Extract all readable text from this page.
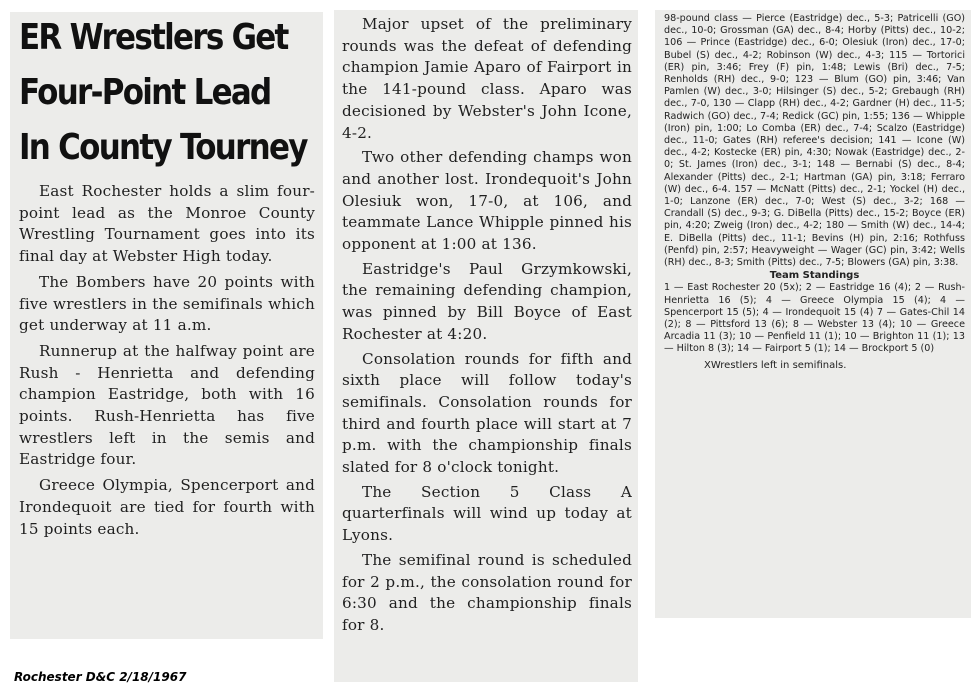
ER Wrestlers Get
Four-Point Lead
In County Tourney

East Rochester holds a slim four-point lead as the Monroe County Wrestling Tournament goes into its final day at Webster High today.

The Bombers have 20 points with five wrestlers in the semifinals which get underway at 11 a.m.

Runnerup at the halfway point are Rush - Henrietta and defending champion Eastridge, both with 16 points. Rush-Henrietta has five wrestlers left in the semis and Eastridge four.

Greece Olympia, Spencerport and Irondequoit are tied for fourth with 15 points each.

Major upset of the preliminary rounds was the defeat of defending champion Jamie Aparo of Fairport in the 141-pound class. Aparo was decisioned by Webster's John Icone, 4-2.

Two other defending champs won and another lost. Irondequoit's John Olesiuk won, 17-0, at 106, and teammate Lance Whipple pinned his opponent at 1:00 at 136.

Eastridge's Paul Grzymkowski, the remaining defending champion, was pinned by Bill Boyce of East Rochester at 4:20.

Consolation rounds for fifth and sixth place will follow today's semifinals. Consolation rounds for third and fourth place will start at 7 p.m. with the championship finals slated for 8 o'clock tonight.

The Section 5 Class A quarterfinals will wind up today at Lyons.

The semifinal round is scheduled for 2 p.m., the consolation round for 6:30 and the championship finals for 8.

98-pound class — Pierce (Eastridge) dec., 5-3; Patricelli (GO) dec., 10-0; Grossman (GA) dec., 8-4; Horby (Pitts) dec., 10-2; 106 — Prince (Eastridge) dec., 6-0; Olesiuk (Iron) dec., 17-0; Bubel (S) dec., 4-2; Robinson (W) dec., 4-3; 115 — Tortorici (ER) pin, 3:46; Frey (F) pin, 1:48; Lewis (Bri) dec., 7-5; Renholds (RH) dec., 9-0; 123 — Blum (GO) pin, 3:46; Van Pamlen (W) dec., 3-0; Hilsinger (S) dec., 5-2; Grebaugh (RH) dec., 7-0, 130 — Clapp (RH) dec., 4-2; Gardner (H) dec., 11-5; Radwich (GO) dec., 7-4; Redick (GC) pin, 1:55; 136 — Whipple (Iron) pin, 1:00; Lo Comba (ER) dec., 7-4; Scalzo (Eastridge) dec., 11-0; Gates (RH) referee's decision; 141 — Icone (W) dec., 4-2; Kostecke (ER) pin, 4:30; Nowak (Eastridge) dec., 2-0; St. James (Iron) dec., 3-1; 148 — Bernabi (S) dec., 8-4; Alexander (Pitts) dec., 2-1; Hartman (GA) pin, 3:18; Ferraro (W) dec., 6-4. 157 — McNatt (Pitts) dec., 2-1; Yockel (H) dec., 1-0; Lanzone (ER) dec., 7-0; West (S) dec., 3-2; 168 — Crandall (S) dec., 9-3; G. DiBella (Pitts) dec., 15-2; Boyce (ER) pin, 4:20; Zweig (Iron) dec., 4-2; 180 — Smith (W) dec., 14-4; E. DiBella (Pitts) dec., 11-1; Bevins (H) pin, 2:16; Rothfuss (Penfd) pin, 2:57; Heavyweight — Wager (GC) pin, 3:42; Wells (RH) dec., 8-3; Smith (Pitts) dec., 7-5; Blowers (GA) pin, 3:38.

Team Standings

1 — East Rochester 20 (5x); 2 — Eastridge 16 (4); 2 — Rush-Henrietta 16 (5); 4 — Greece Olympia 15 (4); 4 — Spencerport 15 (5); 4 — Irondequoit 15 (4) 7 — Gates-Chil 14 (2); 8 — Pittsford 13 (6); 8 — Webster 13 (4); 10 — Greece Arcadia 11 (3); 10 — Penfield 11 (1); 10 — Brighton 11 (1); 13 — Hilton 8 (3); 14 — Fairport 5 (1); 14 — Brockport 5 (0)

XWrestlers left in semifinals.
Rochester D&C 2/18/1967
